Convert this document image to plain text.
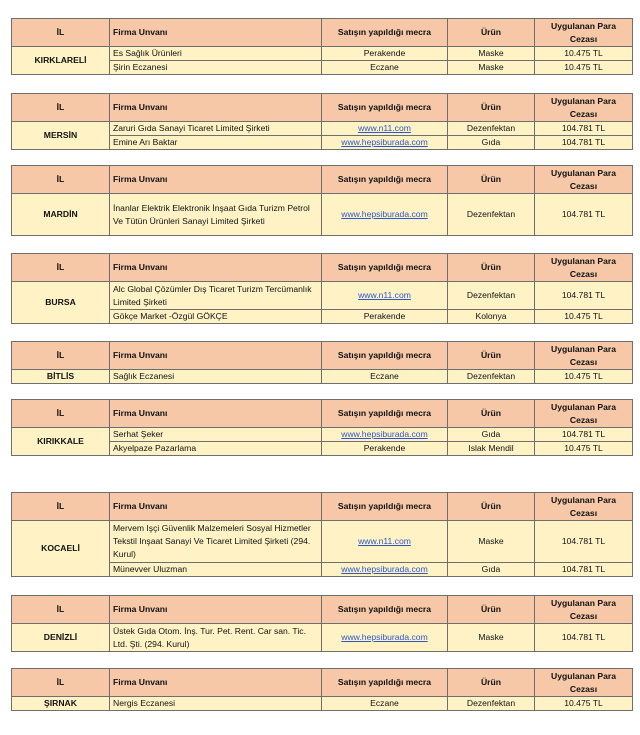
İL	Firma Unvanı	Satışın yapıldığı mecra	Ürün	Uygulanan Para
Cezası
KIRKLARELİ	Es Sağlık Ürünleri	Perakende	Maske	10.475 TL
	Şirin Eczanesi	Eczane	Maske	10.475 TL
İL	Firma Unvanı	Satışın yapıldığı mecra	Ürün	Uygulanan Para
Cezası
MERSİN	Zaruri Gıda Sanayi Ticaret Limited Şirketi	www.n11.com	Dezenfektan	104.781 TL
	Emine Arı Baktar	www.hepsiburada.com	Gıda	104.781 TL
İL	Firma Unvanı	Satışın yapıldığı mecra	Ürün	Uygulanan Para
Cezası
MARDİN	İnanlar Elektrik Elektronik İnşaat Gıda Turizm Petrol Ve Tütün Ürünleri Sanayi Limited Şirketi	www.hepsiburada.com	Dezenfektan	104.781 TL
İL	Firma Unvanı	Satışın yapıldığı mecra	Ürün	Uygulanan Para
Cezası
BURSA	Alc Global Çözümler Dış Ticaret Turizm Tercümanlık Limited Şirketi	www.n11.com	Dezenfektan	104.781 TL
	Gökçe Market -Özgül GÖKÇE	Perakende	Kolonya	10.475 TL
İL	Firma Unvanı	Satışın yapıldığı mecra	Ürün	Uygulanan Para
Cezası
BİTLİS	Sağlık Eczanesi	Eczane	Dezenfektan	10.475 TL
İL	Firma Unvanı	Satışın yapıldığı mecra	Ürün	Uygulanan Para
Cezası
KIRIKKALE	Serhat Şeker	www.hepsiburada.com	Gıda	104.781 TL
	Akyelpaze Pazarlama	Perakende	Islak Mendil	10.475 TL
İL	Firma Unvanı	Satışın yapıldığı mecra	Ürün	Uygulanan Para
Cezası
KOCAELİ	Mervem Işçi Güvenlik Malzemeleri Sosyal Hizmetler Tekstil Inşaat Sanayi Ve Ticaret Limited Şirketi (294. Kurul)	www.n11.com	Maske	104.781 TL
	Münevver Uluzman	www.hepsiburada.com	Gıda	104.781 TL
İL	Firma Unvanı	Satışın yapıldığı mecra	Ürün	Uygulanan Para
Cezası
DENİZLİ	Üstek Gıda Otom. İnş. Tur. Pet. Rent. Car san. Tic. Ltd. Şti. (294. Kurul)	www.hepsiburada.com	Maske	104.781 TL
İL	Firma Unvanı	Satışın yapıldığı mecra	Ürün	Uygulanan Para
Cezası
ŞIRNAK	Nergis Eczanesi	Eczane	Dezenfektan	10.475 TL
